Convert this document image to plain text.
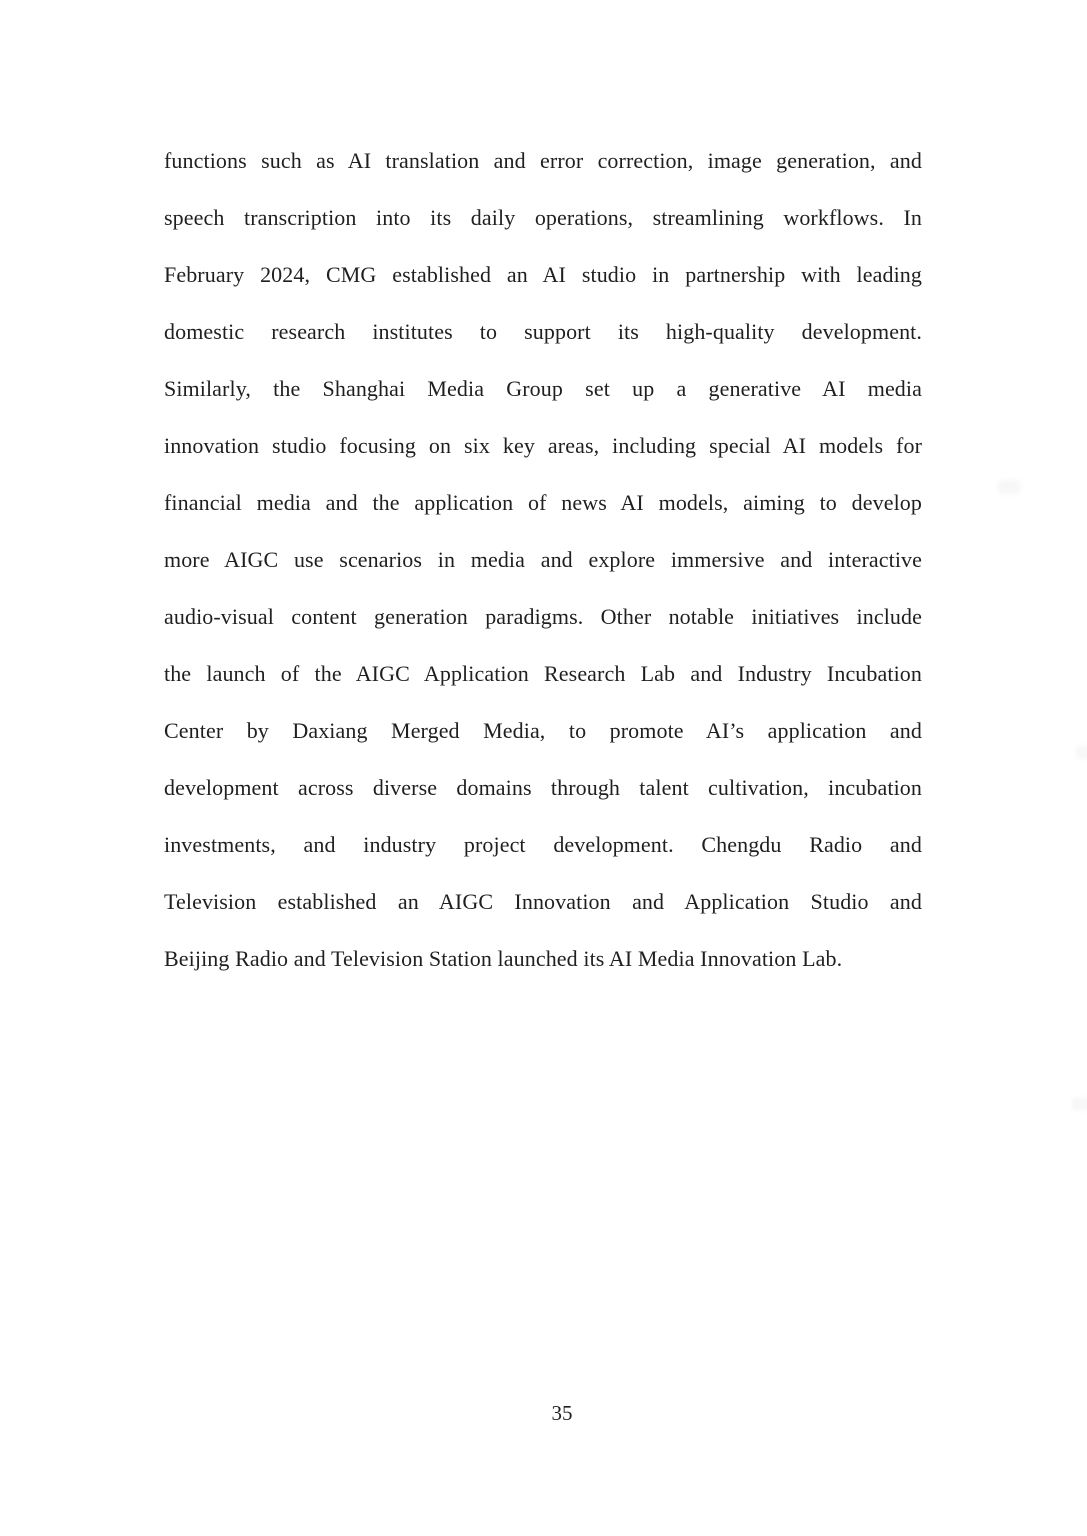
functions such as AI translation and error correction, image generation, and
speech transcription into its daily operations, streamlining workflows. In
February 2024, CMG established an AI studio in partnership with leading
domestic research institutes to support its high-quality development.
Similarly, the Shanghai Media Group set up a generative AI media
innovation studio focusing on six key areas, including special AI models for
financial media and the application of news AI models, aiming to develop
more AIGC use scenarios in media and explore immersive and interactive
audio-visual content generation paradigms. Other notable initiatives include
the launch of the AIGC Application Research Lab and Industry Incubation
Center by Daxiang Merged Media, to promote AI’s application and
development across diverse domains through talent cultivation, incubation
investments, and industry project development. Chengdu Radio and
Television established an AIGC Innovation and Application Studio and
Beijing Radio and Television Station launched its AI Media Innovation Lab.
35
